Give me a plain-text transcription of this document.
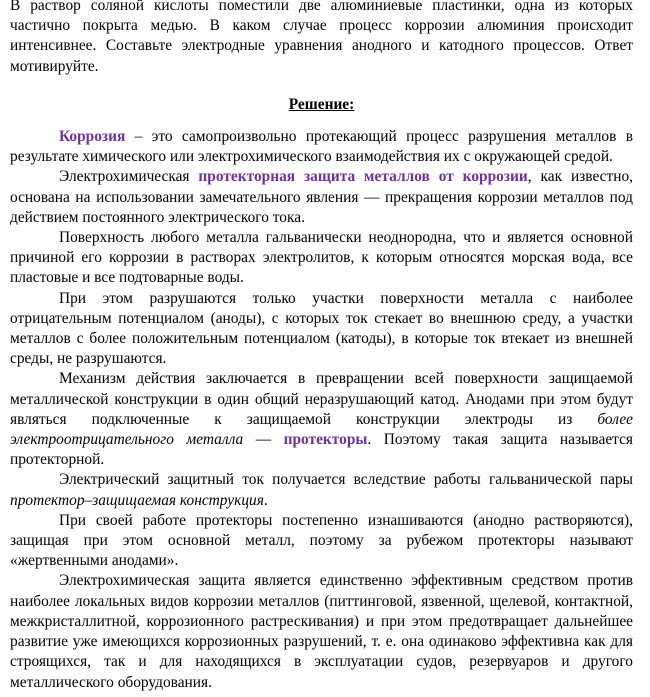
В раствор соляной кислоты поместили две алюминиевые пластинки, одна из которых частично покрыта медью. В каком случае процесс коррозии алюминия происходит интенсивнее. Составьте электродные уравнения анодного и катодного процессов. Ответ мотивируйте.

Решение:

Коррозия – это самопроизвольно протекающий процесс разрушения металлов в результате химического или электрохимического взаимодействия их с окружающей средой.

Электрохимическая протекторная защита металлов от коррозии, как известно, основана на использовании замечательного явления — прекращения коррозии металлов под действием постоянного электрического тока.

Поверхность любого металла гальванически неоднородна, что и является основной причиной его коррозии в растворах электролитов, к которым относятся морская вода, все пластовые и все подтоварные воды.

При этом разрушаются только участки поверхности металла с наиболее отрицательным потенциалом (аноды), с которых ток стекает во внешнюю среду, а участки металлов с более положительным потенциалом (катоды), в которые ток втекает из внешней среды, не разрушаются.

Механизм действия заключается в превращении всей поверхности защищаемой металлической конструкции в один общий неразрушающий катод. Анодами при этом будут являться подключенные к защищаемой конструкции электроды из более электроотрицательного металла — протекторы. Поэтому такая защита называется протекторной.

Электрический защитный ток получается вследствие работы гальванической пары протектор–защищаемая конструкция.

При своей работе протекторы постепенно изнашиваются (анодно растворяются), защищая при этом основной металл, поэтому за рубежом протекторы называют «жертвенными анодами».

Электрохимическая защита является единственно эффективным средством против наиболее локальных видов коррозии металлов (питтинговой, язвенной, щелевой, контактной, межкристаллитной, коррозионного растрескивания) и при этом предотвращает дальнейшее развитие уже имеющихся коррозионных разрушений, т. е. она одинаково эффективна как для строящихся, так и для находящихся в эксплуатации судов, резервуаров и другого металлического оборудования.
